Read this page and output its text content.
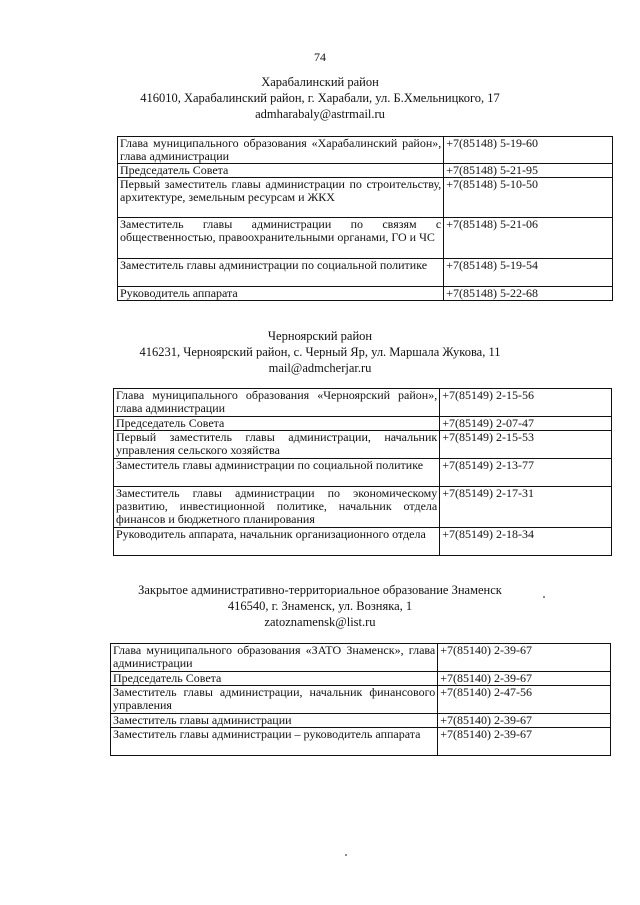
74
Харабалинский район
416010, Харабалинский район, г. Харабали, ул. Б.Хмельницкого, 17
admharabaly@astrmail.ru
Глава муниципального образования «Харабалинский район», глава администрации	+7(85148) 5-19-60
Председатель Совета	+7(85148) 5-21-95
Первый заместитель главы администрации по строительству, архитектуре, земельным ресурсам и ЖКХ	+7(85148) 5-10-50
Заместитель главы администрации по связям с общественностью, правоохранительными органами, ГО и ЧС	+7(85148) 5-21-06
Заместитель главы администрации по социальной политике	+7(85148) 5-19-54
Руководитель аппарата	+7(85148) 5-22-68
Черноярский район
416231, Черноярский район, с. Черный Яр, ул. Маршала Жукова, 11
mail@admcherjar.ru
Глава муниципального образования «Черноярский район», глава администрации	+7(85149) 2-15-56
Председатель Совета	+7(85149) 2-07-47
Первый заместитель главы администрации, начальник управления сельского хозяйства	+7(85149) 2-15-53
Заместитель главы администрации по социальной политике	+7(85149) 2-13-77
Заместитель главы администрации по экономическому развитию, инвестиционной политике, начальник отдела финансов и бюджетного планирования	+7(85149) 2-17-31
Руководитель аппарата, начальник организационного отдела	+7(85149) 2-18-34
Закрытое административно-территориальное образование Знаменск
416540, г. Знаменск, ул. Возняка, 1
zatoznamensk@list.ru
Глава муниципального образования «ЗАТО Знаменск», глава администрации	+7(85140) 2-39-67
Председатель Совета	+7(85140) 2-39-67
Заместитель главы администрации, начальник финансового управления	+7(85140) 2-47-56
Заместитель главы администрации	+7(85140) 2-39-67
Заместитель главы администрации – руководитель аппарата	+7(85140) 2-39-67
